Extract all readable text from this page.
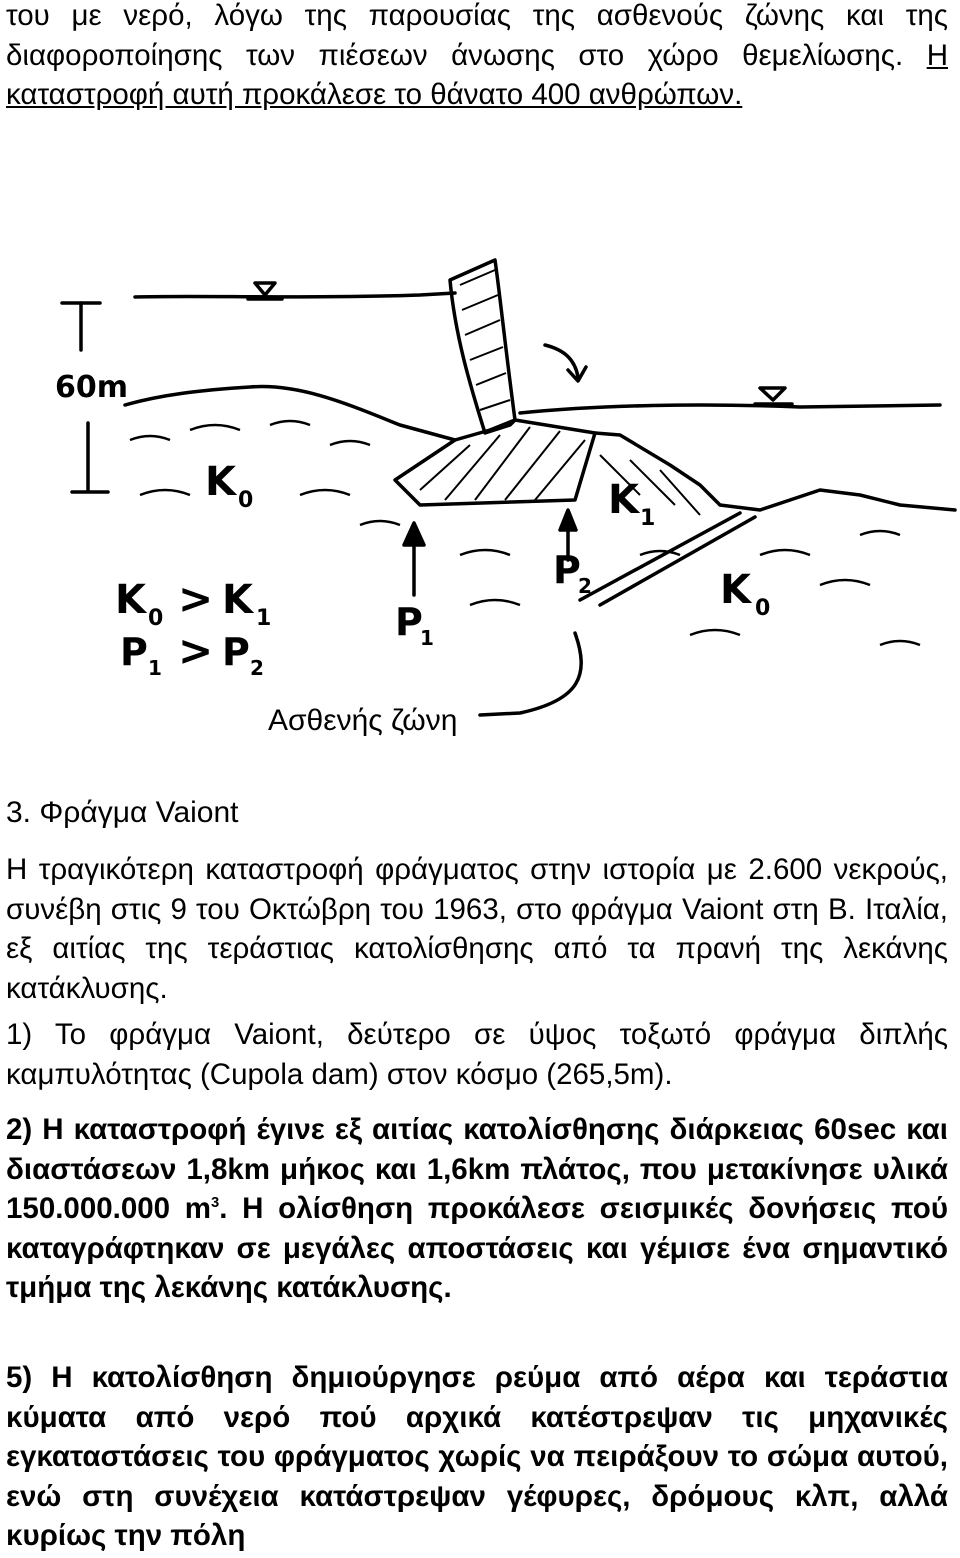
του με νερό, λόγω της παρουσίας της ασθενούς ζώνης και της διαφοροποίησης των πιέσεων άνωσης στο χώρο θεμελίωσης. Η καταστροφή αυτή προκάλεσε το θάνατο 400 ανθρώπων.

60m
K 0	K 1
K 0
P
1
P
2
K 0 > K 1
P 1 > P 2
Ασθενής ζώνη

3. Φράγμα Vaiont

Η τραγικότερη καταστροφή φράγματος στην ιστορία με 2.600 νεκρούς, συνέβη στις 9 του Οκτώβρη του 1963, στο φράγμα Vaiont στη Β. Ιταλία, εξ αιτίας της τεράστιας κατολίσθησης από τα πρανή της λεκάνης κατάκλυσης.

1) Το φράγμα Vaiont, δεύτερο σε ύψος τοξωτό φράγμα διπλής καμπυλότητας (Cupola dam) στον κόσμο (265,5m).

2) Η καταστροφή έγινε εξ αιτίας κατολίσθησης διάρκειας 60sec και διαστάσεων 1,8km μήκος και 1,6km πλάτος, που μετακίνησε υλικά 150.000.000 $m^3$. Η ολίσθηση προκάλεσε σεισμικές δονήσεις πού καταγράφτηκαν σε μεγάλες αποστάσεις και γέμισε ένα σημαντικό τμήμα της λεκάνης κατάκλυσης.

5) Η κατολίσθηση δημιούργησε ρεύμα από αέρα και τεράστια κύματα από νερό πού αρχικά κατέστρεψαν τις μηχανικές εγκαταστάσεις του φράγματος χωρίς να πειράξουν το σώμα αυτού, ενώ στη συνέχεια κατάστρεψαν γέφυρες, δρόμους κλπ, αλλά κυρίως την πόλη
